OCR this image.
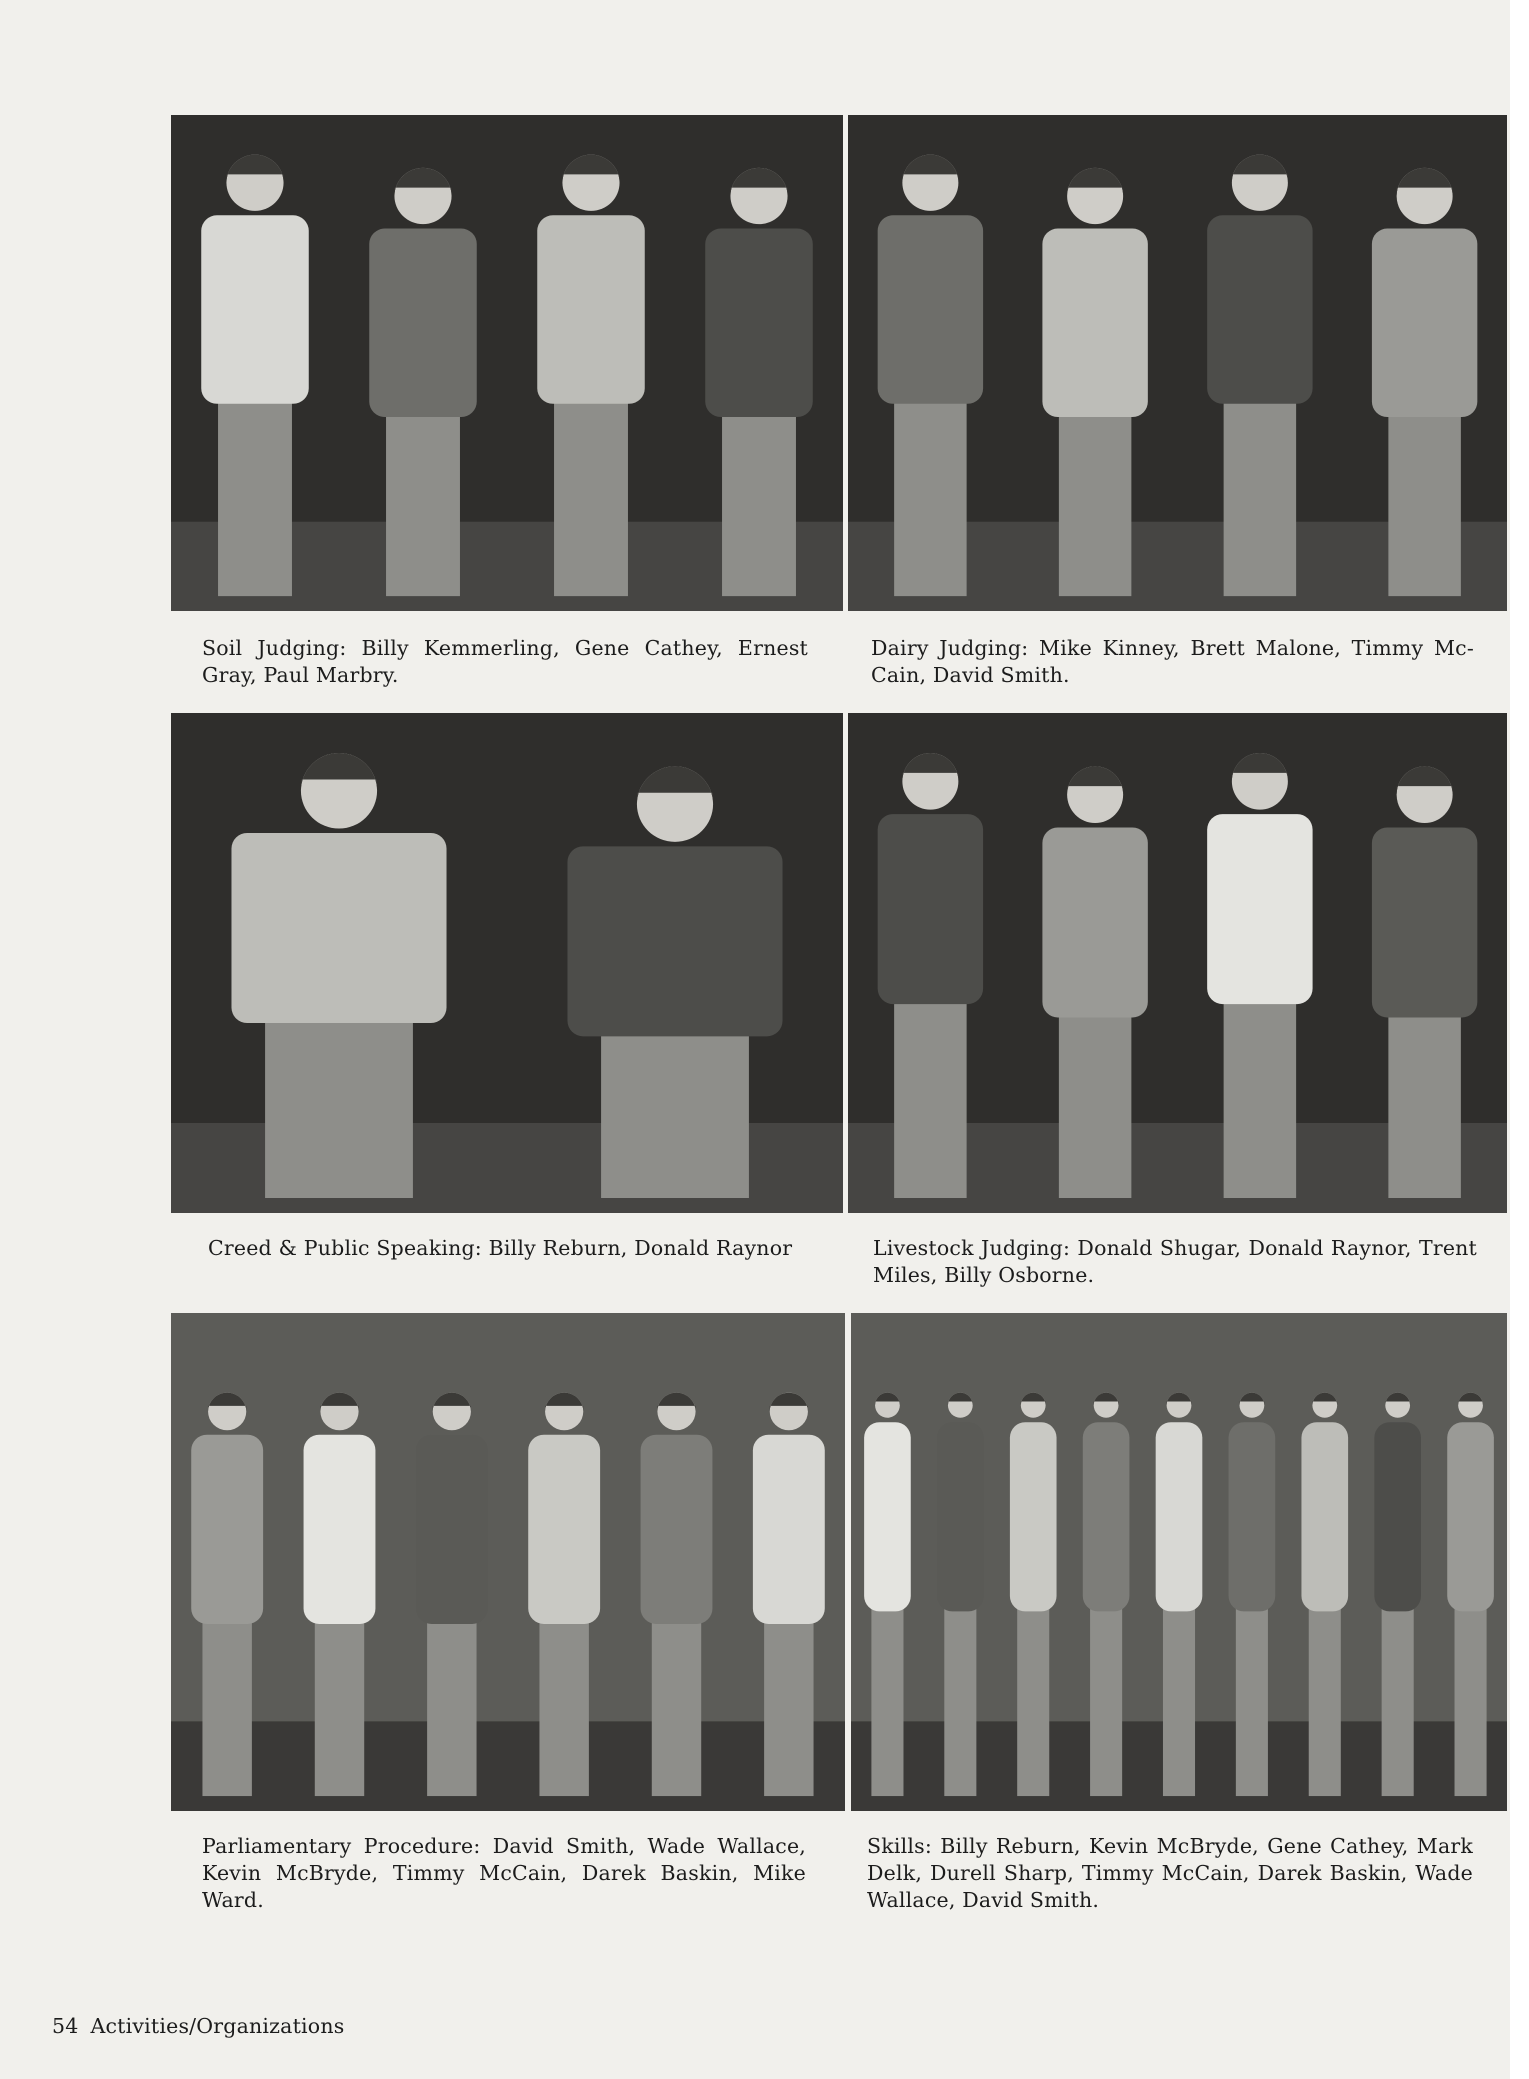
Soil Judging: Billy Kemmerling, Gene Cathey, Ernest Gray, Paul Marbry.
Dairy Judging: Mike Kinney, Brett Malone, Timmy Mc-Cain, David Smith.
Creed & Public Speaking: Billy Reburn, Donald Raynor	Livestock Judging: Donald Shugar, Donald Raynor, Trent Miles, Billy Osborne.
Parliamentary Procedure: David Smith, Wade Wallace, Kevin McBryde, Timmy McCain, Darek Baskin, Mike Ward.
Skills: Billy Reburn, Kevin McBryde, Gene Cathey, Mark Delk, Durell Sharp, Timmy McCain, Darek Baskin, Wade Wallace, David Smith.
54 Activities/Organizations
